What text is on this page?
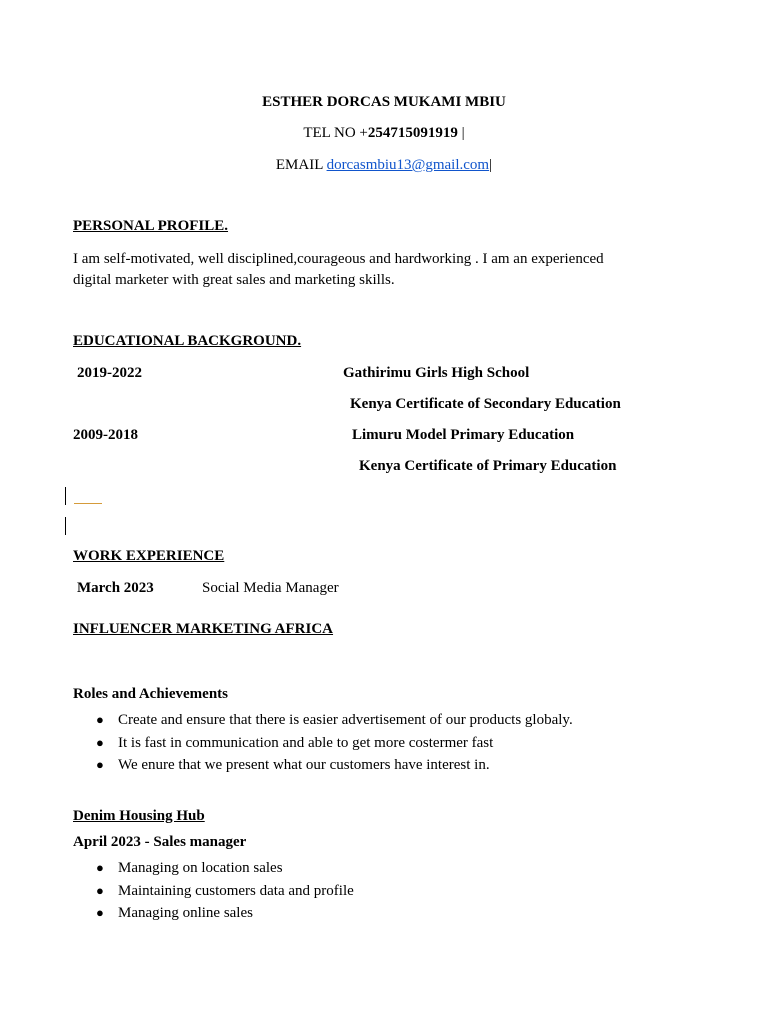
ESTHER DORCAS MUKAMI MBIU
TEL NO +254715091919 |
EMAIL dorcasmbiu13@gmail.com|
PERSONAL PROFILE.
I am self-motivated, well disciplined,courageous and hardworking . I am an experienced
digital marketer with great sales and marketing skills.
EDUCATIONAL BACKGROUND.
2019-2022	Gathirimu Girls High School
Kenya Certificate of Secondary Education
2009-2018	Limuru Model Primary Education
Kenya Certificate of Primary Education
WORK EXPERIENCE
March 2023	Social Media Manager
INFLUENCER MARKETING AFRICA
Roles and Achievements
● Create and ensure that there is easier advertisement of our products globaly.
● It is fast in communication and able to get more costermer fast
● We enure that we present what our customers have interest in.
Denim Housing Hub
April 2023 - Sales manager
● Managing on location sales
● Maintaining customers data and profile
● Managing online sales
